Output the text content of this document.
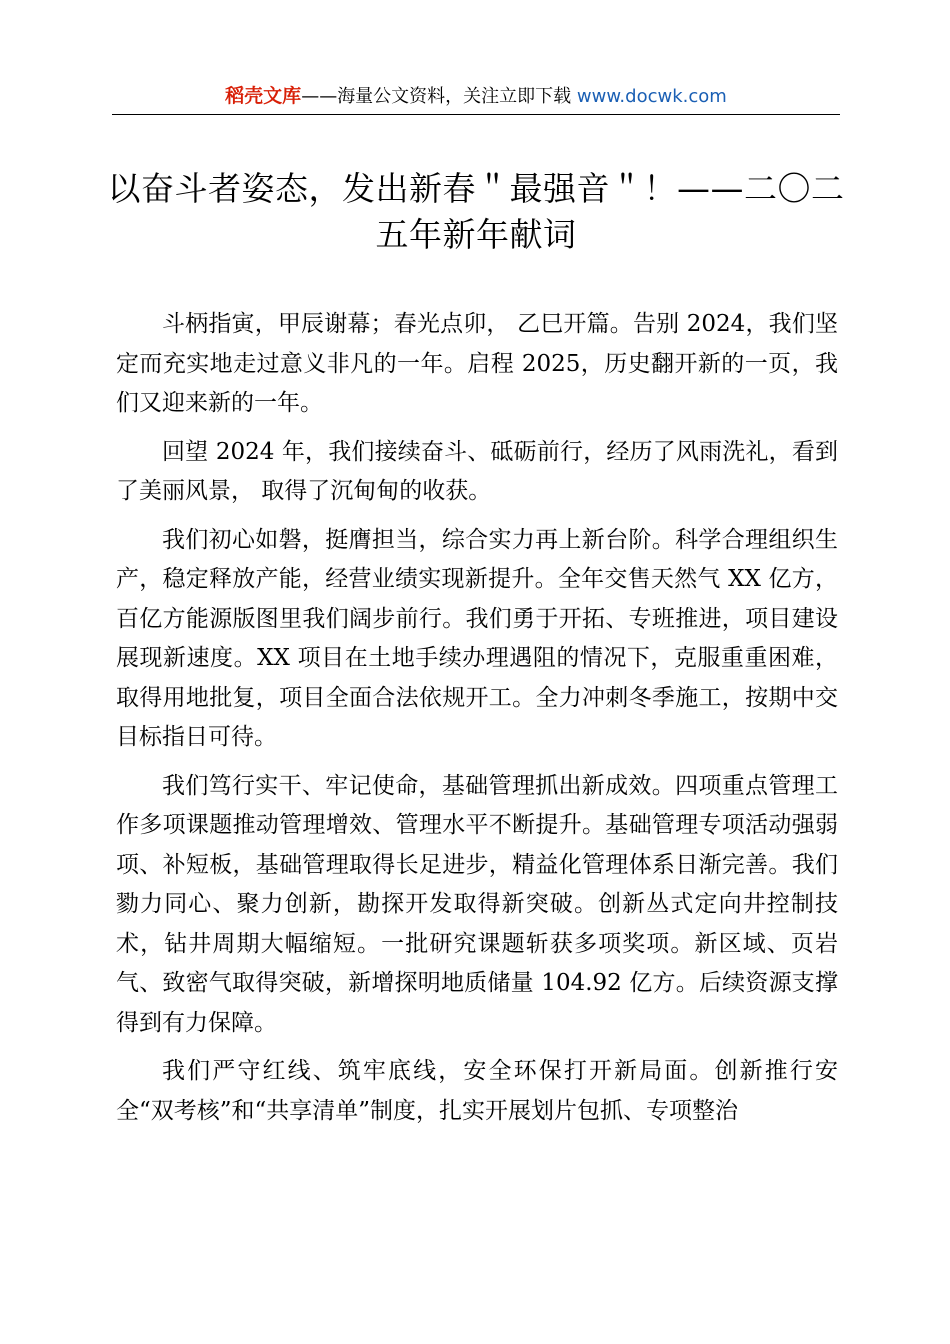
稻壳文库——海量公文资料，关注立即下载 www.docwk.com
以奋斗者姿态，发出新春＂最强音＂！——二〇二五年新年献词

斗柄指寅，甲辰谢幕；春光点卯， 乙巳开篇。告别 2024，我们坚定而充实地走过意义非凡的一年。启程 2025，历史翻开新的一页，我们又迎来新的一年。

回望 2024 年，我们接续奋斗、砥砺前行，经历了风雨洗礼，看到了美丽风景， 取得了沉甸甸的收获。

我们初心如磐，挺膺担当，综合实力再上新台阶。科学合理组织生产，稳定释放产能，经营业绩实现新提升。全年交售天然气 XX 亿方，百亿方能源版图里我们阔步前行。我们勇于开拓、专班推进，项目建设展现新速度。XX 项目在土地手续办理遇阻的情况下，克服重重困难，取得用地批复，项目全面合法依规开工。全力冲刺冬季施工，按期中交目标指日可待。

我们笃行实干、牢记使命，基础管理抓出新成效。四项重点管理工作多项课题推动管理增效、管理水平不断提升。基础管理专项活动强弱项、补短板，基础管理取得长足进步，精益化管理体系日渐完善。我们勠力同心、聚力创新，勘探开发取得新突破。创新丛式定向井控制技术，钻井周期大幅缩短。一批研究课题斩获多项奖项。新区域、页岩气、致密气取得突破，新增探明地质储量 104.92 亿方。后续资源支撑得到有力保障。

我们严守红线、筑牢底线，安全环保打开新局面。创新推行安全“双考核”和“共享清单”制度，扎实开展划片包抓、专项整治
